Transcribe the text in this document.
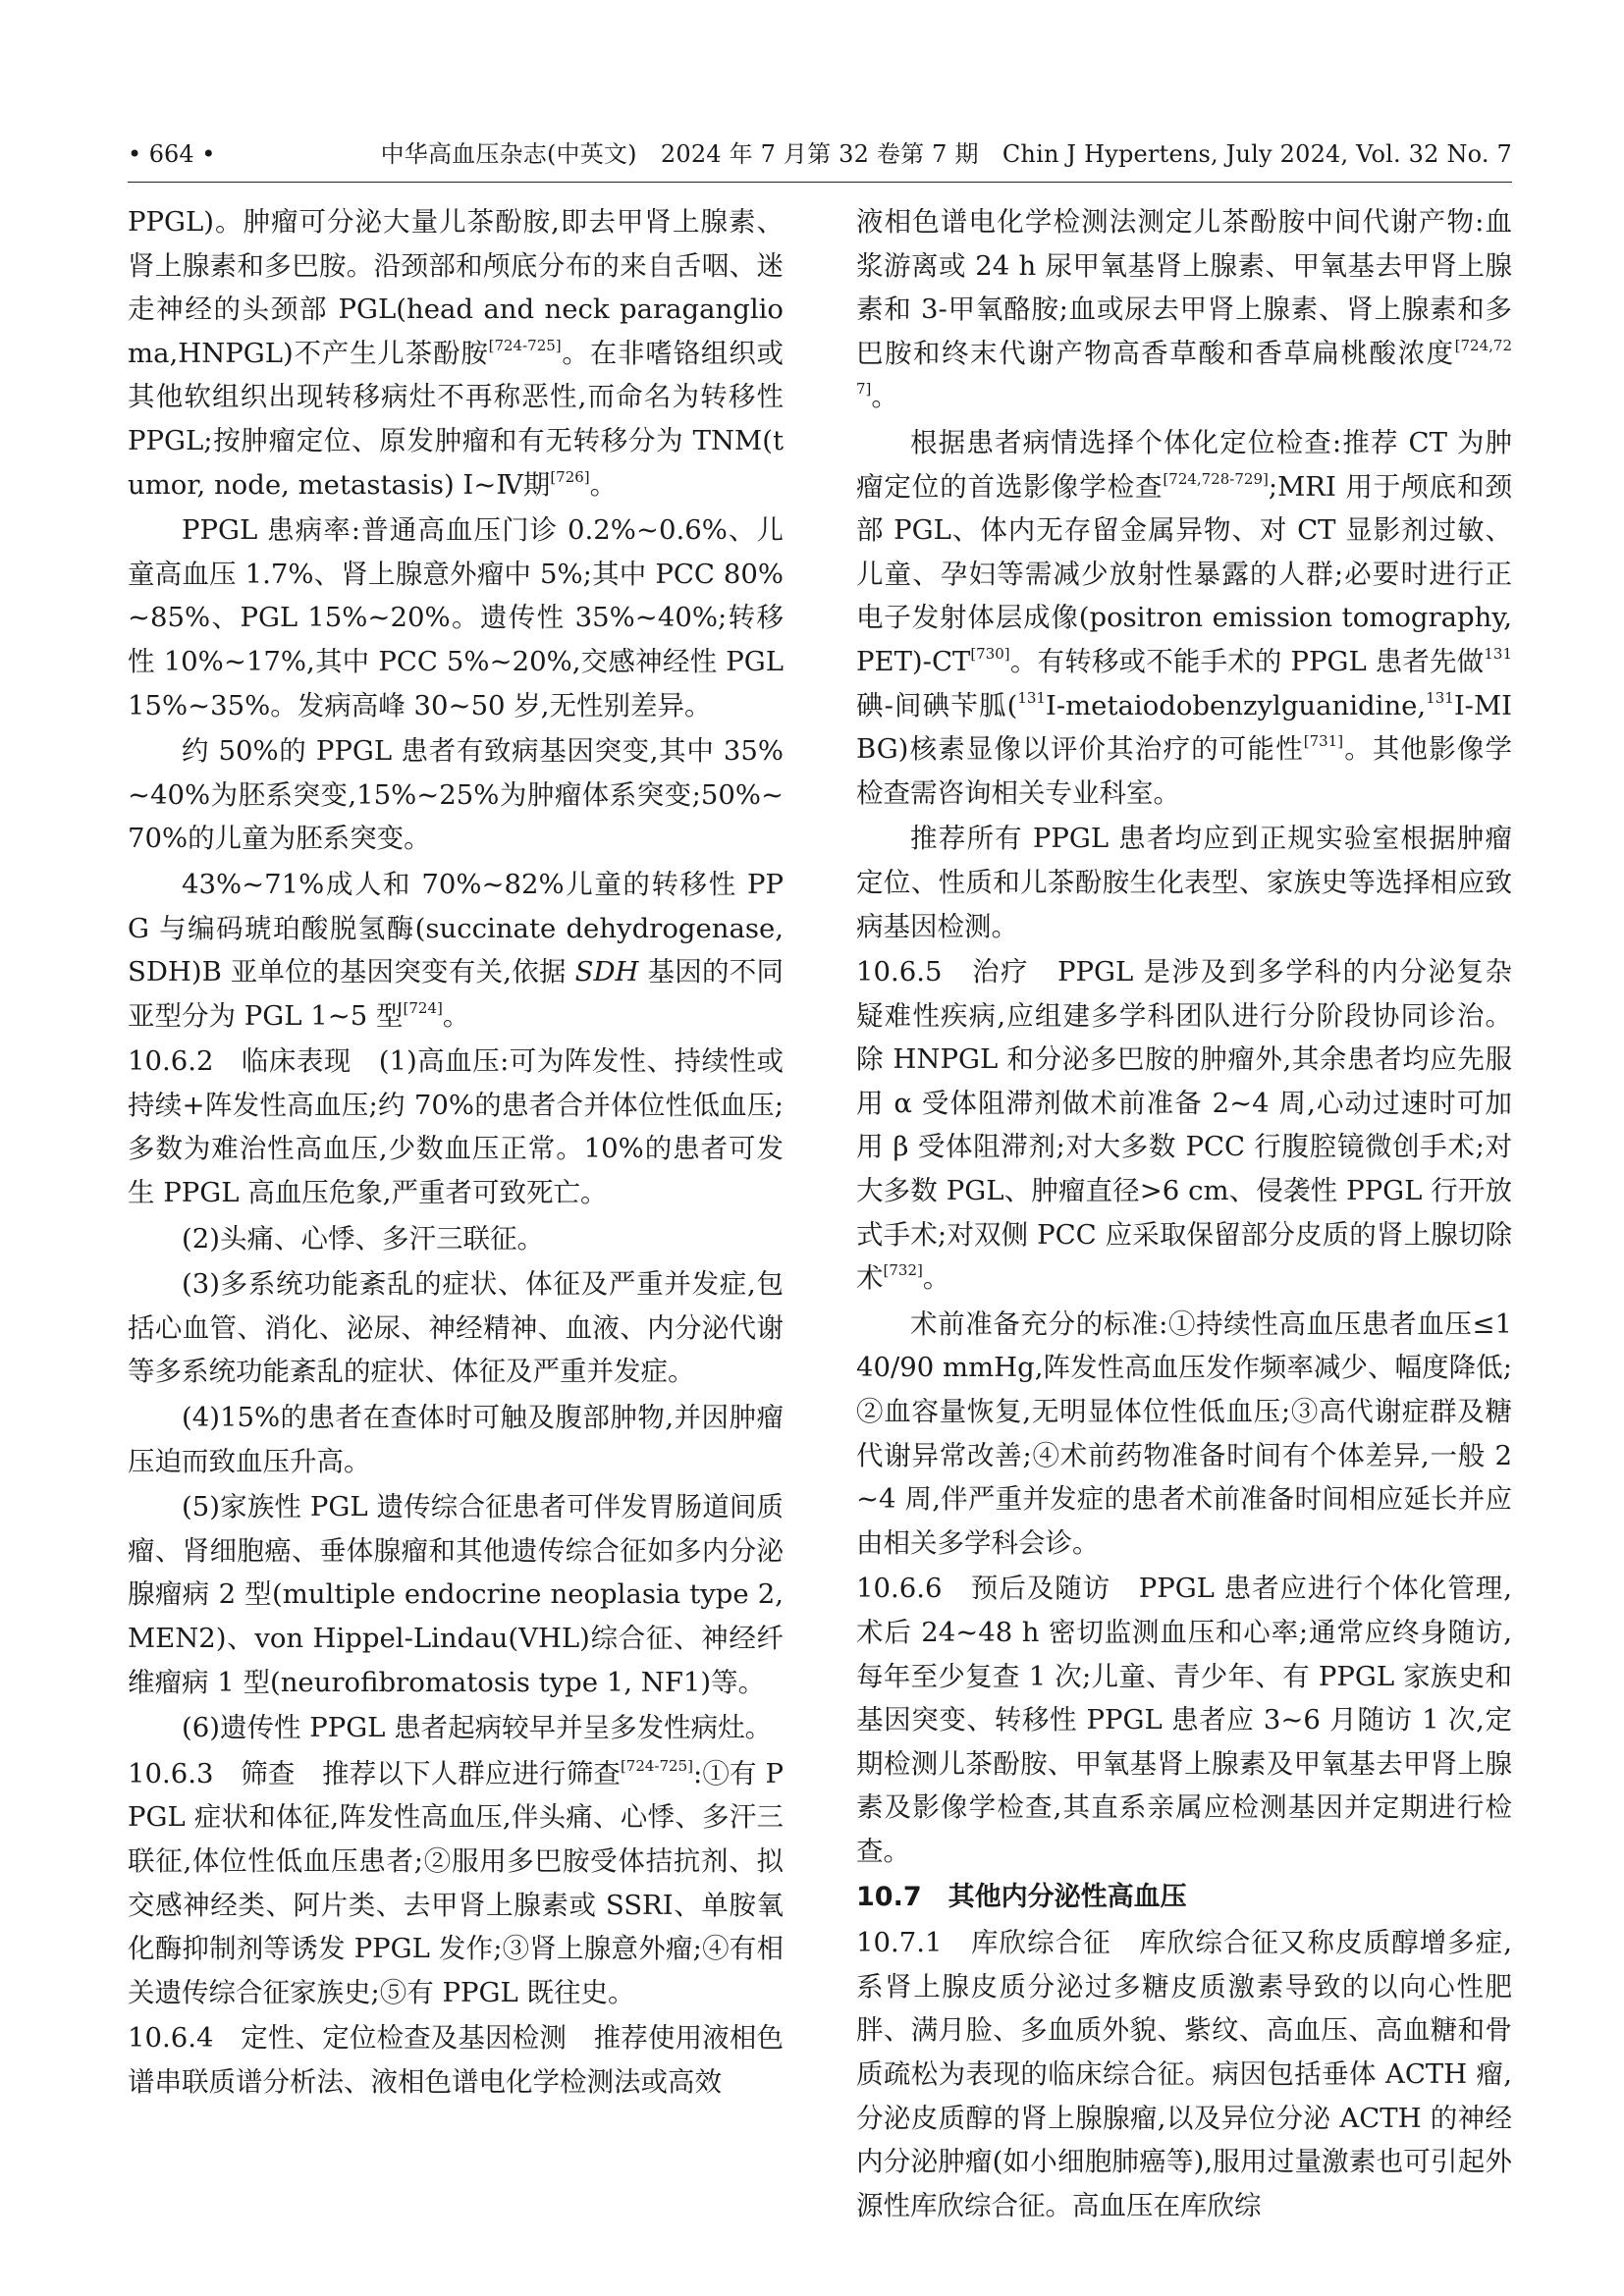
• 664 •	中华高血压杂志(中英文)　2024 年 7 月第 32 卷第 7 期　Chin J Hypertens, July 2024, Vol. 32 No. 7

PPGL)。肿瘤可分泌大量儿茶酚胺,即去甲肾上腺素、肾上腺素和多巴胺。沿颈部和颅底分布的来自舌咽、迷走神经的头颈部 PGL(head and neck paraganglioma,HNPGL)不产生儿茶酚胺[724-725]。在非嗜铬组织或其他软组织出现转移病灶不再称恶性,而命名为转移性 PPGL;按肿瘤定位、原发肿瘤和有无转移分为 TNM(tumor, node, metastasis) Ⅰ~Ⅳ期[726]。

PPGL 患病率:普通高血压门诊 0.2%~0.6%、儿童高血压 1.7%、肾上腺意外瘤中 5%;其中 PCC 80%~85%、PGL 15%~20%。遗传性 35%~40%;转移性 10%~17%,其中 PCC 5%~20%,交感神经性 PGL 15%~35%。发病高峰 30~50 岁,无性别差异。

约 50%的 PPGL 患者有致病基因突变,其中 35%~40%为胚系突变,15%~25%为肿瘤体系突变;50%~70%的儿童为胚系突变。

43%~71%成人和 70%~82%儿童的转移性 PPG 与编码琥珀酸脱氢酶(succinate dehydrogenase, SDH)B 亚单位的基因突变有关,依据 SDH 基因的不同亚型分为 PGL 1~5 型[724]。

10.6.2　临床表现　(1)高血压:可为阵发性、持续性或持续+阵发性高血压;约 70%的患者合并体位性低血压;多数为难治性高血压,少数血压正常。10%的患者可发生 PPGL 高血压危象,严重者可致死亡。

(2)头痛、心悸、多汗三联征。

(3)多系统功能紊乱的症状、体征及严重并发症,包括心血管、消化、泌尿、神经精神、血液、内分泌代谢等多系统功能紊乱的症状、体征及严重并发症。

(4)15%的患者在查体时可触及腹部肿物,并因肿瘤压迫而致血压升高。

(5)家族性 PGL 遗传综合征患者可伴发胃肠道间质瘤、肾细胞癌、垂体腺瘤和其他遗传综合征如多内分泌腺瘤病 2 型(multiple endocrine neoplasia type 2, MEN2)、von Hippel-Lindau(VHL)综合征、神经纤维瘤病 1 型(neurofibromatosis type 1, NF1)等。

(6)遗传性 PPGL 患者起病较早并呈多发性病灶。

10.6.3　筛查　推荐以下人群应进行筛查[724-725]:①有 PPGL 症状和体征,阵发性高血压,伴头痛、心悸、多汗三联征,体位性低血压患者;②服用多巴胺受体拮抗剂、拟交感神经类、阿片类、去甲肾上腺素或 SSRI、单胺氧化酶抑制剂等诱发 PPGL 发作;③肾上腺意外瘤;④有相关遗传综合征家族史;⑤有 PPGL 既往史。

10.6.4　定性、定位检查及基因检测　推荐使用液相色谱串联质谱分析法、液相色谱电化学检测法或高效

液相色谱电化学检测法测定儿茶酚胺中间代谢产物:血浆游离或 24 h 尿甲氧基肾上腺素、甲氧基去甲肾上腺素和 3-甲氧酪胺;血或尿去甲肾上腺素、肾上腺素和多巴胺和终末代谢产物高香草酸和香草扁桃酸浓度[724,727]。

根据患者病情选择个体化定位检查:推荐 CT 为肿瘤定位的首选影像学检查[724,728-729];MRI 用于颅底和颈部 PGL、体内无存留金属异物、对 CT 显影剂过敏、儿童、孕妇等需减少放射性暴露的人群;必要时进行正电子发射体层成像(positron emission tomography, PET)-CT[730]。有转移或不能手术的 PPGL 患者先做$^{131}$碘-间碘苄胍($^{131}$I-metaiodobenzylguanidine,$^{131}$I-MIBG)核素显像以评价其治疗的可能性[731]。其他影像学检查需咨询相关专业科室。

推荐所有 PPGL 患者均应到正规实验室根据肿瘤定位、性质和儿茶酚胺生化表型、家族史等选择相应致病基因检测。

10.6.5　治疗　PPGL 是涉及到多学科的内分泌复杂疑难性疾病,应组建多学科团队进行分阶段协同诊治。除 HNPGL 和分泌多巴胺的肿瘤外,其余患者均应先服用 α 受体阻滞剂做术前准备 2~4 周,心动过速时可加用 β 受体阻滞剂;对大多数 PCC 行腹腔镜微创手术;对大多数 PGL、肿瘤直径>6 cm、侵袭性 PPGL 行开放式手术;对双侧 PCC 应采取保留部分皮质的肾上腺切除术[732]。

术前准备充分的标准:①持续性高血压患者血压≤140/90 mmHg,阵发性高血压发作频率减少、幅度降低;②血容量恢复,无明显体位性低血压;③高代谢症群及糖代谢异常改善;④术前药物准备时间有个体差异,一般 2~4 周,伴严重并发症的患者术前准备时间相应延长并应由相关多学科会诊。

10.6.6　预后及随访　PPGL 患者应进行个体化管理,术后 24~48 h 密切监测血压和心率;通常应终身随访,每年至少复查 1 次;儿童、青少年、有 PPGL 家族史和基因突变、转移性 PPGL 患者应 3~6 月随访 1 次,定期检测儿茶酚胺、甲氧基肾上腺素及甲氧基去甲肾上腺素及影像学检查,其直系亲属应检测基因并定期进行检查。

10.7　其他内分泌性高血压

10.7.1　库欣综合征　库欣综合征又称皮质醇增多症,系肾上腺皮质分泌过多糖皮质激素导致的以向心性肥胖、满月脸、多血质外貌、紫纹、高血压、高血糖和骨质疏松为表现的临床综合征。病因包括垂体 ACTH 瘤,分泌皮质醇的肾上腺腺瘤,以及异位分泌 ACTH 的神经内分泌肿瘤(如小细胞肺癌等),服用过量激素也可引起外源性库欣综合征。高血压在库欣综
